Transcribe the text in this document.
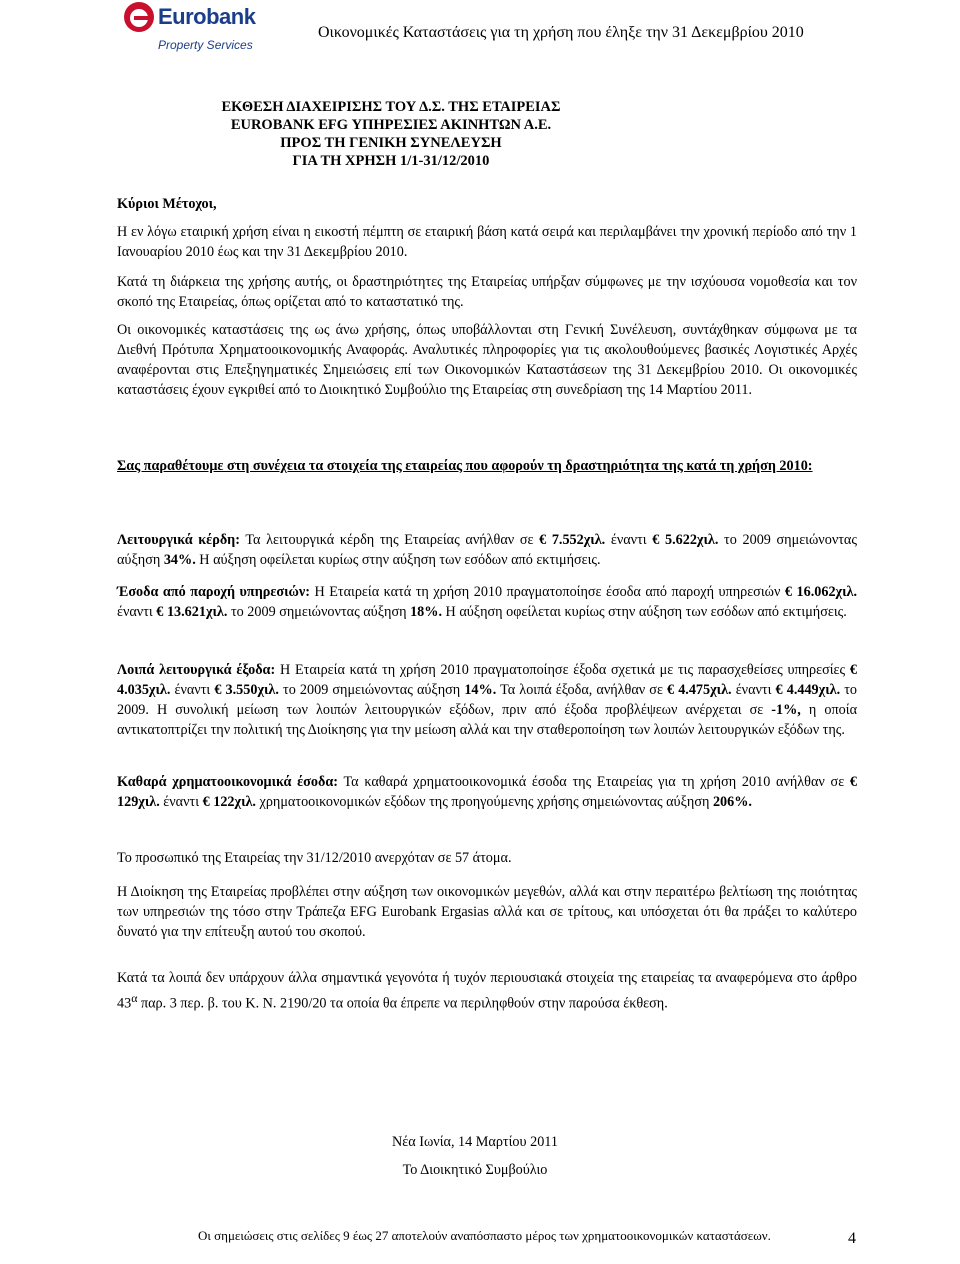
Eurobank
Property Services
Οικονομικές Καταστάσεις για τη χρήση που έληξε την 31 Δεκεμβρίου 2010
ΕΚΘΕΣΗ ΔΙΑΧΕΙΡΙΣΗΣ ΤΟΥ Δ.Σ. ΤΗΣ ΕΤΑΙΡΕΙΑΣ
EUROBANK EFG ΥΠΗΡΕΣΙΕΣ ΑΚΙΝΗΤΩΝ Α.Ε.
ΠΡΟΣ ΤΗ ΓΕΝΙΚΗ ΣΥΝΕΛΕΥΣΗ
ΓΙΑ ΤΗ ΧΡΗΣΗ 1/1-31/12/2010
Κύριοι Μέτοχοι,
Η εν λόγω εταιρική χρήση είναι η εικοστή πέμπτη σε εταιρική βάση κατά σειρά και περιλαμβάνει την χρονική περίοδο από την 1 Ιανουαρίου 2010 έως και την 31 Δεκεμβρίου 2010.
Κατά τη διάρκεια της χρήσης αυτής, οι δραστηριότητες της Εταιρείας υπήρξαν σύμφωνες με την ισχύουσα νομοθεσία και τον σκοπό της Εταιρείας, όπως ορίζεται από το καταστατικό της.
Οι οικονομικές καταστάσεις της ως άνω χρήσης, όπως υποβάλλονται στη Γενική Συνέλευση, συντάχθηκαν σύμφωνα με τα Διεθνή Πρότυπα Χρηματοοικονομικής Αναφοράς. Αναλυτικές πληροφορίες για τις ακολουθούμενες βασικές Λογιστικές Αρχές αναφέρονται στις Επεξηγηματικές Σημειώσεις επί των Οικονομικών Καταστάσεων της 31 Δεκεμβρίου 2010. Οι οικονομικές καταστάσεις έχουν εγκριθεί από το Διοικητικό Συμβούλιο της Εταιρείας στη συνεδρίαση της 14 Μαρτίου 2011.
Σας παραθέτουμε στη συνέχεια τα στοιχεία της εταιρείας που αφορούν τη δραστηριότητα της κατά τη χρήση 2010:
Λειτουργικά κέρδη: Τα λειτουργικά κέρδη της Εταιρείας ανήλθαν σε € 7.552χιλ. έναντι € 5.622χιλ. το 2009 σημειώνοντας αύξηση 34%. Η αύξηση οφείλεται κυρίως στην αύξηση των εσόδων από εκτιμήσεις.
Έσοδα από παροχή υπηρεσιών: Η Εταιρεία κατά τη χρήση 2010 πραγματοποίησε έσοδα από παροχή υπηρεσιών € 16.062χιλ. έναντι € 13.621χιλ. το 2009 σημειώνοντας αύξηση 18%. Η αύξηση οφείλεται κυρίως στην αύξηση των εσόδων από εκτιμήσεις.
Λοιπά λειτουργικά έξοδα: Η Εταιρεία κατά τη χρήση 2010 πραγματοποίησε έξοδα σχετικά με τις παρασχεθείσες υπηρεσίες € 4.035χιλ. έναντι € 3.550χιλ. το 2009 σημειώνοντας αύξηση 14%. Τα λοιπά έξοδα, ανήλθαν σε € 4.475χιλ. έναντι € 4.449χιλ. το 2009. Η συνολική μείωση των λοιπών λειτουργικών εξόδων, πριν από έξοδα προβλέψεων ανέρχεται σε -1%, η οποία αντικατοπτρίζει την πολιτική της Διοίκησης για την μείωση αλλά και την σταθεροποίηση των λοιπών λειτουργικών εξόδων της.
Καθαρά χρηματοοικονομικά έσοδα: Τα καθαρά χρηματοοικονομικά έσοδα της Εταιρείας για τη χρήση 2010 ανήλθαν σε € 129χιλ. έναντι € 122χιλ. χρηματοοικονομικών εξόδων της προηγούμενης χρήσης σημειώνοντας αύξηση 206%.
Το προσωπικό της Εταιρείας την 31/12/2010 ανερχόταν σε 57 άτομα.
Η Διοίκηση της Εταιρείας προβλέπει στην αύξηση των οικονομικών μεγεθών, αλλά και στην περαιτέρω βελτίωση της ποιότητας των υπηρεσιών της τόσο στην Τράπεζα EFG Eurobank Ergasias αλλά και σε τρίτους, και υπόσχεται ότι θα πράξει το καλύτερο δυνατό για την επίτευξη αυτού του σκοπού.
Κατά τα λοιπά δεν υπάρχουν άλλα σημαντικά γεγονότα ή τυχόν περιουσιακά στοιχεία της εταιρείας τα αναφερόμενα στο άρθρο $43^\alpha$ παρ. 3 περ. β. του Κ. Ν. 2190/20 τα οποία θα έπρεπε να περιληφθούν στην παρούσα έκθεση.
Νέα Ιωνία, 14 Μαρτίου 2011
Το Διοικητικό Συμβούλιο
Οι σημειώσεις στις σελίδες 9 έως 27 αποτελούν αναπόσπαστο μέρος των χρηματοοικονομικών καταστάσεων.	4
